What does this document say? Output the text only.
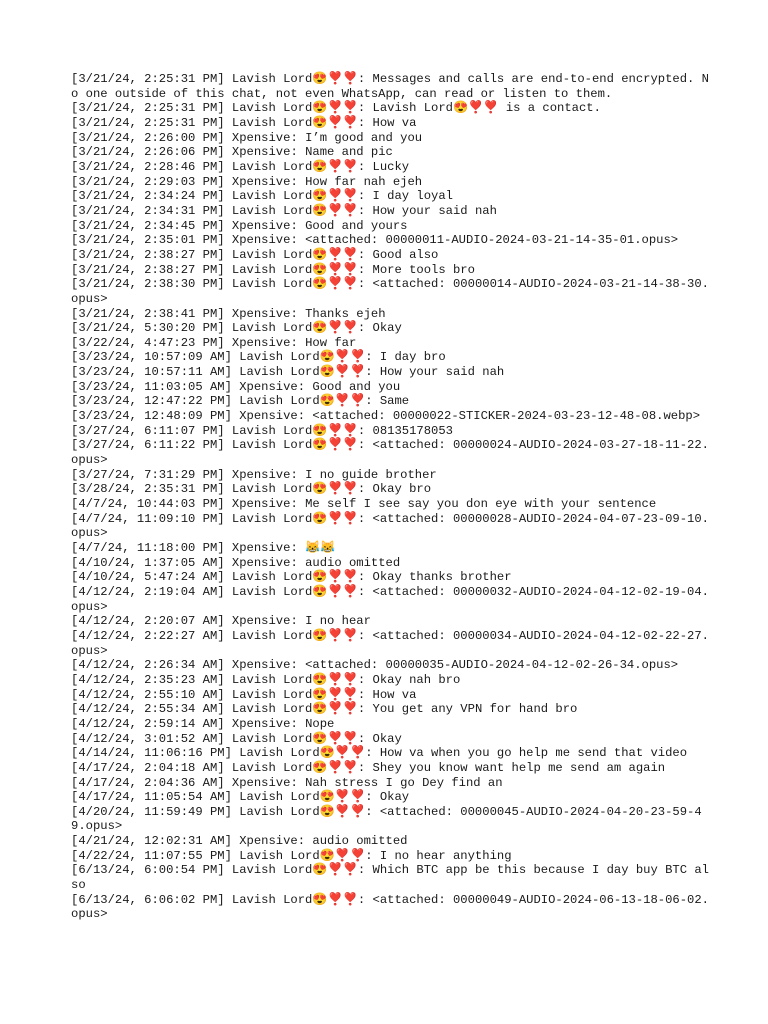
[3/21/24, 2:25:31 PM] Lavish Lord😍❣️❣️: Messages and calls are end-to-end encrypted. No one outside of this chat, not even WhatsApp, can read or listen to them.
[3/21/24, 2:25:31 PM] Lavish Lord😍❣️❣️: Lavish Lord😍❣️❣️ is a contact.
[3/21/24, 2:25:31 PM] Lavish Lord😍❣️❣️: How va
[3/21/24, 2:26:00 PM] Xpensive: I’m good and you
[3/21/24, 2:26:06 PM] Xpensive: Name and pic
[3/21/24, 2:28:46 PM] Lavish Lord😍❣️❣️: Lucky
[3/21/24, 2:29:03 PM] Xpensive: How far nah ejeh
[3/21/24, 2:34:24 PM] Lavish Lord😍❣️❣️: I day loyal
[3/21/24, 2:34:31 PM] Lavish Lord😍❣️❣️: How your said nah
[3/21/24, 2:34:45 PM] Xpensive: Good and yours
[3/21/24, 2:35:01 PM] Xpensive: <attached: 00000011-AUDIO-2024-03-21-14-35-01.opus>
[3/21/24, 2:38:27 PM] Lavish Lord😍❣️❣️: Good also
[3/21/24, 2:38:27 PM] Lavish Lord😍❣️❣️: More tools bro
[3/21/24, 2:38:30 PM] Lavish Lord😍❣️❣️: <attached: 00000014-AUDIO-2024-03-21-14-38-30.opus>
[3/21/24, 2:38:41 PM] Xpensive: Thanks ejeh
[3/21/24, 5:30:20 PM] Lavish Lord😍❣️❣️: Okay
[3/22/24, 4:47:23 PM] Xpensive: How far
[3/23/24, 10:57:09 AM] Lavish Lord😍❣️❣️: I day bro
[3/23/24, 10:57:11 AM] Lavish Lord😍❣️❣️: How your said nah
[3/23/24, 11:03:05 AM] Xpensive: Good and you
[3/23/24, 12:47:22 PM] Lavish Lord😍❣️❣️: Same
[3/23/24, 12:48:09 PM] Xpensive: <attached: 00000022-STICKER-2024-03-23-12-48-08.webp>
[3/27/24, 6:11:07 PM] Lavish Lord😍❣️❣️: 08135178053
[3/27/24, 6:11:22 PM] Lavish Lord😍❣️❣️: <attached: 00000024-AUDIO-2024-03-27-18-11-22.opus>
[3/27/24, 7:31:29 PM] Xpensive: I no guide brother
[3/28/24, 2:35:31 PM] Lavish Lord😍❣️❣️: Okay bro
[4/7/24, 10:44:03 PM] Xpensive: Me self I see say you don eye with your sentence
[4/7/24, 11:09:10 PM] Lavish Lord😍❣️❣️: <attached: 00000028-AUDIO-2024-04-07-23-09-10.opus>
[4/7/24, 11:18:00 PM] Xpensive: 😹😹
[4/10/24, 1:37:05 AM] Xpensive: audio omitted
[4/10/24, 5:47:24 AM] Lavish Lord😍❣️❣️: Okay thanks brother
[4/12/24, 2:19:04 AM] Lavish Lord😍❣️❣️: <attached: 00000032-AUDIO-2024-04-12-02-19-04.opus>
[4/12/24, 2:20:07 AM] Xpensive: I no hear
[4/12/24, 2:22:27 AM] Lavish Lord😍❣️❣️: <attached: 00000034-AUDIO-2024-04-12-02-22-27.opus>
[4/12/24, 2:26:34 AM] Xpensive: <attached: 00000035-AUDIO-2024-04-12-02-26-34.opus>
[4/12/24, 2:35:23 AM] Lavish Lord😍❣️❣️: Okay nah bro
[4/12/24, 2:55:10 AM] Lavish Lord😍❣️❣️: How va
[4/12/24, 2:55:34 AM] Lavish Lord😍❣️❣️: You get any VPN for hand bro
[4/12/24, 2:59:14 AM] Xpensive: Nope
[4/12/24, 3:01:52 AM] Lavish Lord😍❣️❣️: Okay
[4/14/24, 11:06:16 PM] Lavish Lord😍❣️❣️: How va when you go help me send that video
[4/17/24, 2:04:18 AM] Lavish Lord😍❣️❣️: Shey you know want help me send am again
[4/17/24, 2:04:36 AM] Xpensive: Nah stress I go Dey find an
[4/17/24, 11:05:54 AM] Lavish Lord😍❣️❣️: Okay
[4/20/24, 11:59:49 PM] Lavish Lord😍❣️❣️: <attached: 00000045-AUDIO-2024-04-20-23-59-49.opus>
[4/21/24, 12:02:31 AM] Xpensive: audio omitted
[4/22/24, 11:07:55 PM] Lavish Lord😍❣️❣️: I no hear anything
[6/13/24, 6:00:54 PM] Lavish Lord😍❣️❣️: Which BTC app be this because I day buy BTC also
[6/13/24, 6:06:02 PM] Lavish Lord😍❣️❣️: <attached: 00000049-AUDIO-2024-06-13-18-06-02.opus>
